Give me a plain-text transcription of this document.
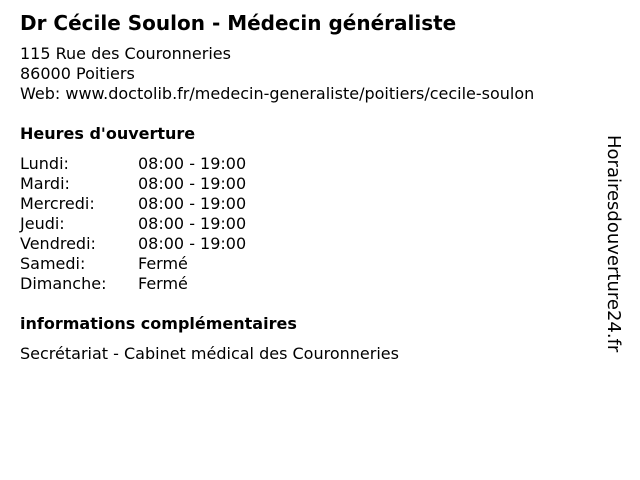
Dr Cécile Soulon - Médecin généraliste
115 Rue des Couronneries
86000 Poitiers
Web: www.doctolib.fr/medecin-generaliste/poitiers/cecile-soulon
Heures d'ouverture
Lundi:	08:00 - 19:00
Mardi:	08:00 - 19:00
Mercredi:	08:00 - 19:00
Jeudi:	08:00 - 19:00
Vendredi:	08:00 - 19:00
Samedi:	Fermé
Dimanche:	Fermé
informations complémentaires
Secrétariat - Cabinet médical des Couronneries
Horairesdouverture24.fr
